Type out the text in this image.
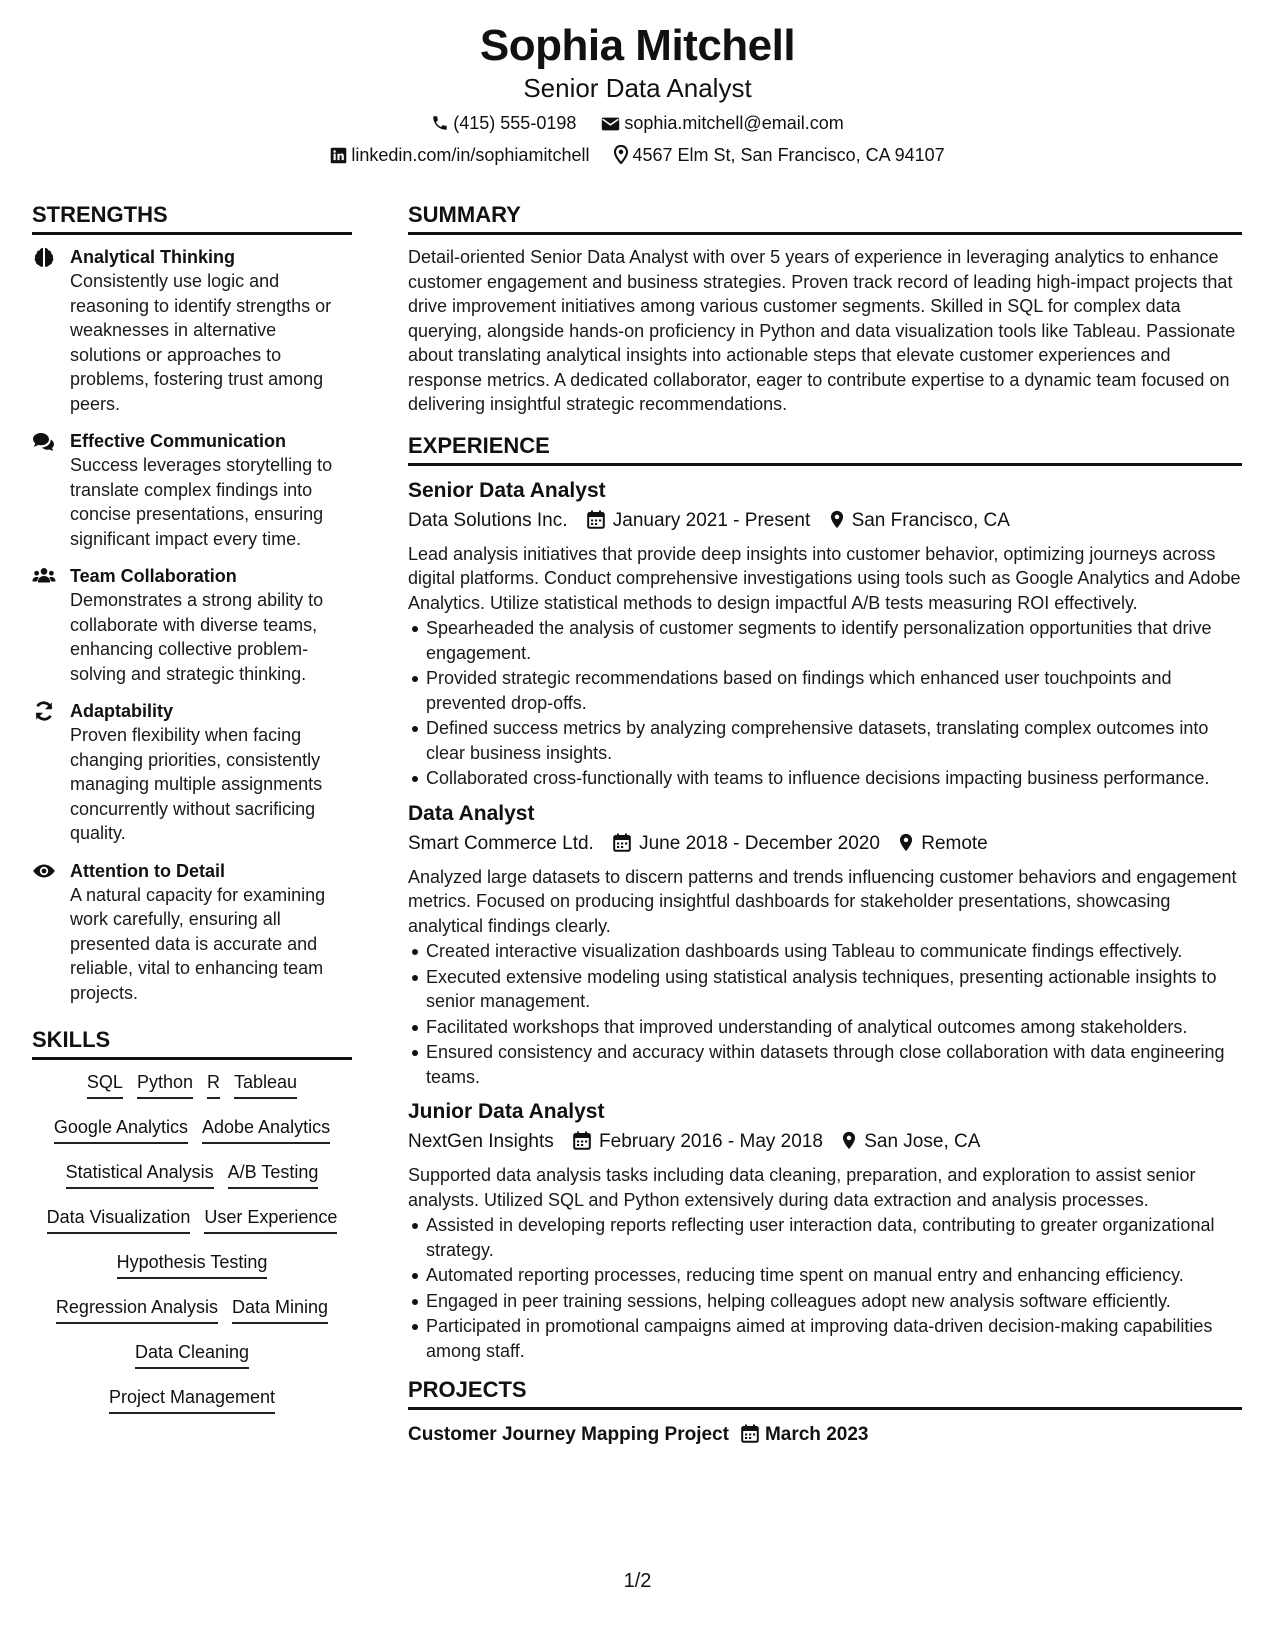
Sophia Mitchell
Senior Data Analyst
(415) 555-0198	sophia.mitchell@email.com
linkedin.com/in/sophiamitchell 4567 Elm St, San Francisco, CA 94107
STRENGTHS
Analytical Thinking
Consistently use logic and reasoning to identify strengths or weaknesses in alternative solutions or approaches to problems, fostering trust among peers.
Effective Communication
Success leverages storytelling to translate complex findings into concise presentations, ensuring significant impact every time.
Team Collaboration
Demonstrates a strong ability to collaborate with diverse teams, enhancing collective problem-solving and strategic thinking.
Adaptability
Proven flexibility when facing changing priorities, consistently managing multiple assignments concurrently without sacrificing quality.
Attention to Detail
A natural capacity for examining work carefully, ensuring all presented data is accurate and reliable, vital to enhancing team projects.
SKILLS
SQL Python R Tableau
Google Analytics Adobe Analytics
Statistical Analysis A/B Testing
Data Visualization User Experience
Hypothesis Testing
Regression Analysis Data Mining
Data Cleaning
Project Management
SUMMARY
Detail-oriented Senior Data Analyst with over 5 years of experience in leveraging analytics to enhance customer engagement and business strategies. Proven track record of leading high-impact projects that drive improvement initiatives among various customer segments. Skilled in SQL for complex data querying, alongside hands-on proficiency in Python and data visualization tools like Tableau. Passionate about translating analytical insights into actionable steps that elevate customer experiences and response metrics. A dedicated collaborator, eager to contribute expertise to a dynamic team focused on delivering insightful strategic recommendations.
EXPERIENCE
Senior Data Analyst
Data Solutions Inc. January 2021 - Present San Francisco, CA
Lead analysis initiatives that provide deep insights into customer behavior, optimizing journeys across digital platforms. Conduct comprehensive investigations using tools such as Google Analytics and Adobe Analytics. Utilize statistical methods to design impactful A/B tests measuring ROI effectively.
Spearheaded the analysis of customer segments to identify personalization opportunities that drive engagement.
Provided strategic recommendations based on findings which enhanced user touchpoints and prevented drop-offs.
Defined success metrics by analyzing comprehensive datasets, translating complex outcomes into clear business insights.
Collaborated cross-functionally with teams to influence decisions impacting business performance.
Data Analyst
Smart Commerce Ltd. June 2018 - December 2020 Remote
Analyzed large datasets to discern patterns and trends influencing customer behaviors and engagement metrics. Focused on producing insightful dashboards for stakeholder presentations, showcasing analytical findings clearly.
Created interactive visualization dashboards using Tableau to communicate findings effectively.
Executed extensive modeling using statistical analysis techniques, presenting actionable insights to senior management.
Facilitated workshops that improved understanding of analytical outcomes among stakeholders.
Ensured consistency and accuracy within datasets through close collaboration with data engineering teams.
Junior Data Analyst
NextGen Insights February 2016 - May 2018 San Jose, CA
Supported data analysis tasks including data cleaning, preparation, and exploration to assist senior analysts. Utilized SQL and Python extensively during data extraction and analysis processes.
Assisted in developing reports reflecting user interaction data, contributing to greater organizational strategy.
Automated reporting processes, reducing time spent on manual entry and enhancing efficiency.
Engaged in peer training sessions, helping colleagues adopt new analysis software efficiently.
Participated in promotional campaigns aimed at improving data-driven decision-making capabilities among staff.
PROJECTS
Customer Journey Mapping Project March 2023
1/2
